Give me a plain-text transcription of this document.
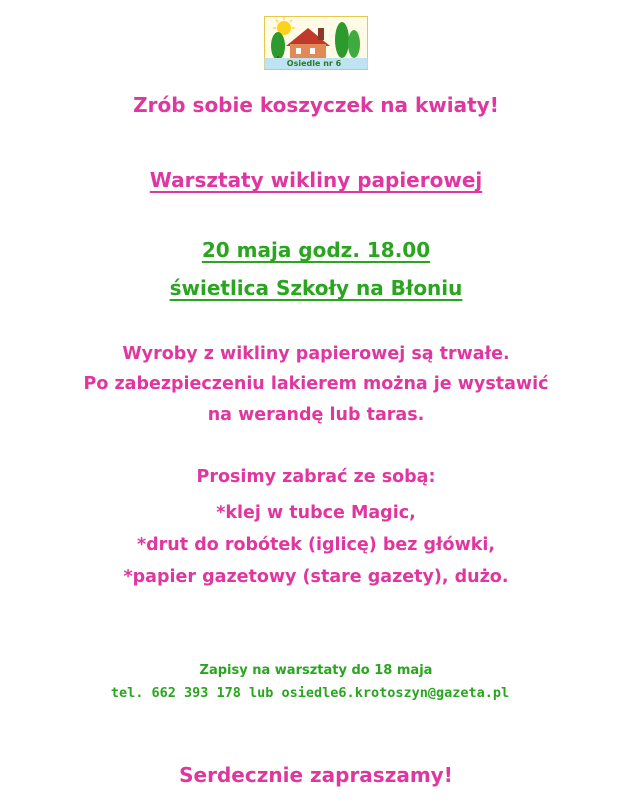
Osiedle nr 6
Zrób sobie koszyczek na kwiaty!
Warsztaty wikliny papierowej
20 maja godz. 18.00
świetlica Szkoły na Błoniu
Wyroby z wikliny papierowej są trwałe.
Po zabezpieczeniu lakierem można je wystawić
na werandę lub taras.
Prosimy zabrać ze sobą:
*klej w tubce Magic,
*drut do robótek (iglicę) bez główki,
*papier gazetowy (stare gazety), dużo.
Zapisy na warsztaty do 18 maja
tel. 662 393 178 lub osiedle6.krotoszyn@gazeta.pl
Serdecznie zapraszamy!
